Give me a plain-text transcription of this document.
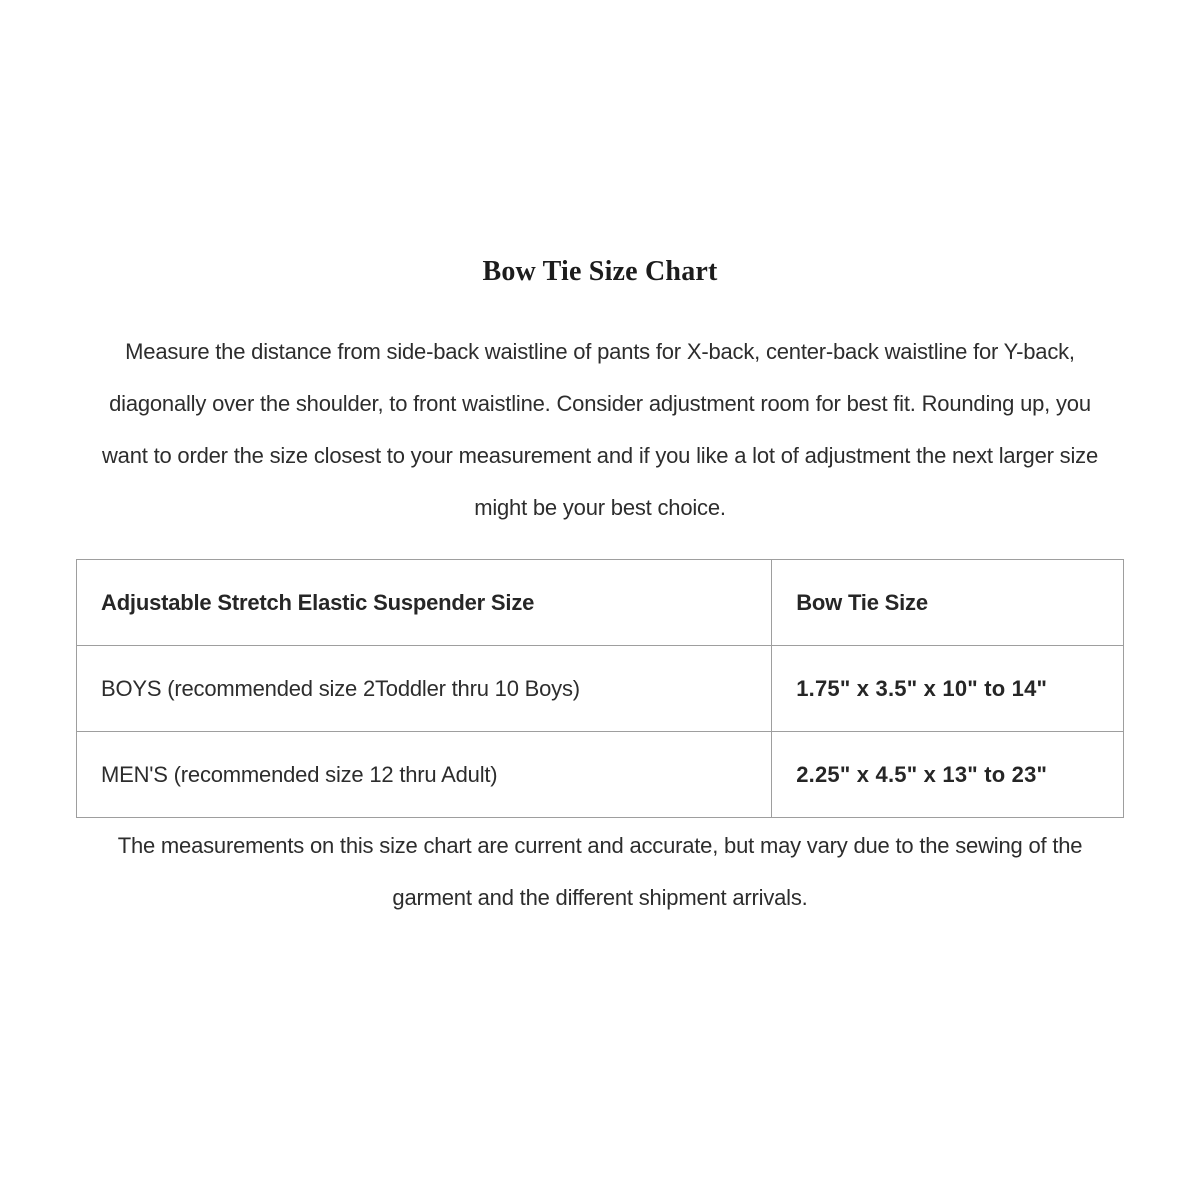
Bow Tie Size Chart
Measure the distance from side-back waistline of pants for X-back, center-back waistline for Y-back,
diagonally over the shoulder, to front waistline. Consider adjustment room for best fit. Rounding up, you
want to order the size closest to your measurement and if you like a lot of adjustment the next larger size
might be your best choice.
Adjustable Stretch Elastic Suspender Size	Bow Tie Size
BOYS (recommended size 2Toddler thru 10 Boys)	1.75" x 3.5" x 10" to 14"
MEN'S (recommended size 12 thru Adult)	2.25" x 4.5" x 13" to 23"
The measurements on this size chart are current and accurate, but may vary due to the sewing of the
garment and the different shipment arrivals.
